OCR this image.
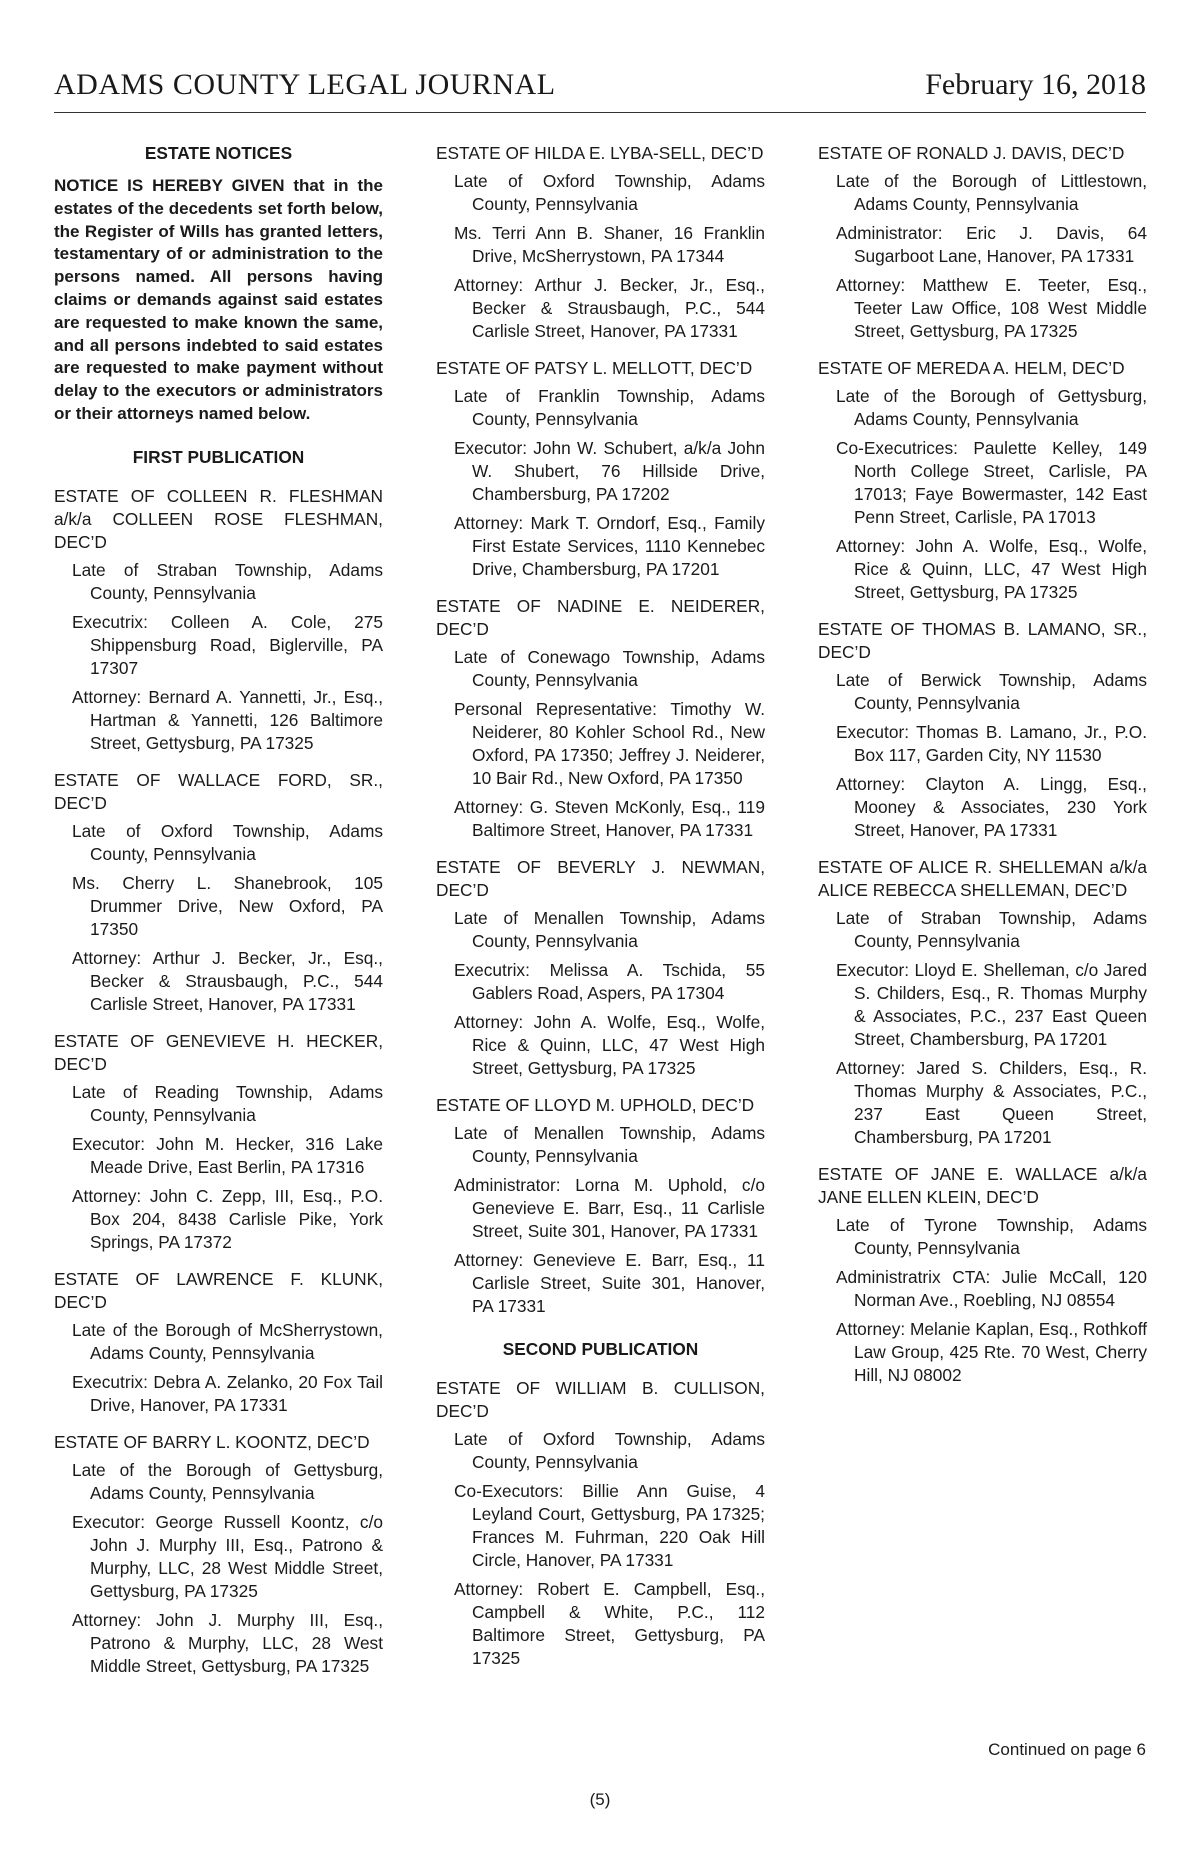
ADAMS COUNTY LEGAL JOURNAL	February 16, 2018

ESTATE NOTICES

NOTICE IS HEREBY GIVEN that in the estates of the decedents set forth below, the Register of Wills has granted letters, testamentary of or administration to the persons named. All persons having claims or demands against said estates are requested to make known the same, and all persons indebted to said estates are requested to make payment without delay to the executors or administrators or their attorneys named below.

FIRST PUBLICATION

ESTATE OF COLLEEN R. FLESHMAN a/k/a COLLEEN ROSE FLESHMAN, DEC’D

Late of Straban Township, Adams County, Pennsylvania

Executrix: Colleen A. Cole, 275 Shippensburg Road, Biglerville, PA 17307

Attorney: Bernard A. Yannetti, Jr., Esq., Hartman & Yannetti, 126 Baltimore Street, Gettysburg, PA 17325

ESTATE OF WALLACE FORD, SR., DEC’D

Late of Oxford Township, Adams County, Pennsylvania

Ms. Cherry L. Shanebrook, 105 Drummer Drive, New Oxford, PA 17350

Attorney: Arthur J. Becker, Jr., Esq., Becker & Strausbaugh, P.C., 544 Carlisle Street, Hanover, PA 17331

ESTATE OF GENEVIEVE H. HECKER, DEC’D

Late of Reading Township, Adams County, Pennsylvania

Executor: John M. Hecker, 316 Lake Meade Drive, East Berlin, PA 17316

Attorney: John C. Zepp, III, Esq., P.O. Box 204, 8438 Carlisle Pike, York Springs, PA 17372

ESTATE OF LAWRENCE F. KLUNK, DEC’D

Late of the Borough of McSherrystown, Adams County, Pennsylvania

Executrix: Debra A. Zelanko, 20 Fox Tail Drive, Hanover, PA 17331

ESTATE OF BARRY L. KOONTZ, DEC’D

Late of the Borough of Gettysburg, Adams County, Pennsylvania

Executor: George Russell Koontz, c/o John J. Murphy III, Esq., Patrono & Murphy, LLC, 28 West Middle Street, Gettysburg, PA 17325

Attorney: John J. Murphy III, Esq., Patrono & Murphy, LLC, 28 West Middle Street, Gettysburg, PA 17325

ESTATE OF HILDA E. LYBA-SELL, DEC’D

Late of Oxford Township, Adams County, Pennsylvania

Ms. Terri Ann B. Shaner, 16 Franklin Drive, McSherrystown, PA 17344

Attorney: Arthur J. Becker, Jr., Esq., Becker & Strausbaugh, P.C., 544 Carlisle Street, Hanover, PA 17331

ESTATE OF PATSY L. MELLOTT, DEC’D

Late of Franklin Township, Adams County, Pennsylvania

Executor: John W. Schubert, a/k/a John W. Shubert, 76 Hillside Drive, Chambersburg, PA 17202

Attorney: Mark T. Orndorf, Esq., Family First Estate Services, 1110 Kennebec Drive, Chambersburg, PA 17201

ESTATE OF NADINE E. NEIDERER, DEC’D

Late of Conewago Township, Adams County, Pennsylvania

Personal Representative: Timothy W. Neiderer, 80 Kohler School Rd., New Oxford, PA 17350; Jeffrey J. Neiderer, 10 Bair Rd., New Oxford, PA 17350

Attorney: G. Steven McKonly, Esq., 119 Baltimore Street, Hanover, PA 17331

ESTATE OF BEVERLY J. NEWMAN, DEC’D

Late of Menallen Township, Adams County, Pennsylvania

Executrix: Melissa A. Tschida, 55 Gablers Road, Aspers, PA 17304

Attorney: John A. Wolfe, Esq., Wolfe, Rice & Quinn, LLC, 47 West High Street, Gettysburg, PA 17325

ESTATE OF LLOYD M. UPHOLD, DEC’D

Late of Menallen Township, Adams County, Pennsylvania

Administrator: Lorna M. Uphold, c/o Genevieve E. Barr, Esq., 11 Carlisle Street, Suite 301, Hanover, PA 17331

Attorney: Genevieve E. Barr, Esq., 11 Carlisle Street, Suite 301, Hanover, PA 17331

SECOND PUBLICATION

ESTATE OF WILLIAM B. CULLISON, DEC’D

Late of Oxford Township, Adams County, Pennsylvania

Co-Executors: Billie Ann Guise, 4 Leyland Court, Gettysburg, PA 17325; Frances M. Fuhrman, 220 Oak Hill Circle, Hanover, PA 17331

Attorney: Robert E. Campbell, Esq., Campbell & White, P.C., 112 Baltimore Street, Gettysburg, PA 17325

ESTATE OF RONALD J. DAVIS, DEC’D

Late of the Borough of Littlestown, Adams County, Pennsylvania

Administrator: Eric J. Davis, 64 Sugarboot Lane, Hanover, PA 17331

Attorney: Matthew E. Teeter, Esq., Teeter Law Office, 108 West Middle Street, Gettysburg, PA 17325

ESTATE OF MEREDA A. HELM, DEC’D

Late of the Borough of Gettysburg, Adams County, Pennsylvania

Co-Executrices: Paulette Kelley, 149 North College Street, Carlisle, PA 17013; Faye Bowermaster, 142 East Penn Street, Carlisle, PA 17013

Attorney: John A. Wolfe, Esq., Wolfe, Rice & Quinn, LLC, 47 West High Street, Gettysburg, PA 17325

ESTATE OF THOMAS B. LAMANO, SR., DEC’D

Late of Berwick Township, Adams County, Pennsylvania

Executor: Thomas B. Lamano, Jr., P.O. Box 117, Garden City, NY 11530

Attorney: Clayton A. Lingg, Esq., Mooney & Associates, 230 York Street, Hanover, PA 17331

ESTATE OF ALICE R. SHELLEMAN a/k/a ALICE REBECCA SHELLEMAN, DEC’D

Late of Straban Township, Adams County, Pennsylvania

Executor: Lloyd E. Shelleman, c/o Jared S. Childers, Esq., R. Thomas Murphy & Associates, P.C., 237 East Queen Street, Chambersburg, PA 17201

Attorney: Jared S. Childers, Esq., R. Thomas Murphy & Associates, P.C., 237 East Queen Street, Chambersburg, PA 17201

ESTATE OF JANE E. WALLACE a/k/a JANE ELLEN KLEIN, DEC’D

Late of Tyrone Township, Adams County, Pennsylvania

Administratrix CTA: Julie McCall, 120 Norman Ave., Roebling, NJ 08554

Attorney: Melanie Kaplan, Esq., Rothkoff Law Group, 425 Rte. 70 West, Cherry Hill, NJ 08002

Continued on page 6
(5)
